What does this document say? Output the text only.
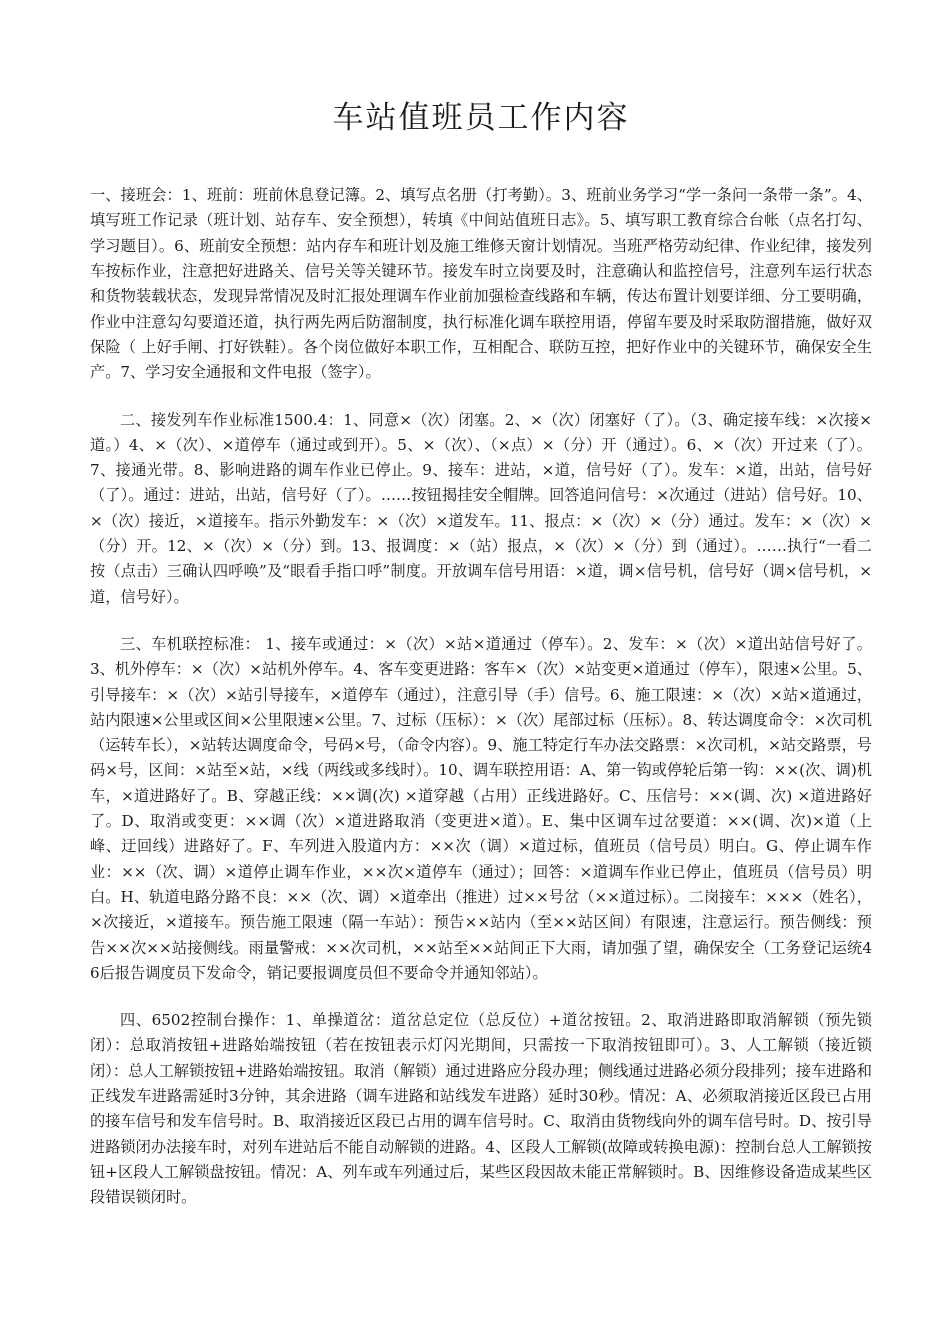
车站值班员工作内容

一、接班会：1、班前：班前休息登记簿。2、填写点名册（打考勤）。3、班前业务学习“学一条问一条带一条”。4、填写班工作记录（班计划、站存车、安全预想），转填《中间站值班日志》。5、填写职工教育综合台帐（点名打勾、学习题目）。6、班前安全预想：站内存车和班计划及施工维修天窗计划情况。当班严格劳动纪律、作业纪律，接发列车按标作业，注意把好进路关、信号关等关键环节。接发车时立岗要及时，注意确认和监控信号，注意列车运行状态和货物装载状态，发现异常情况及时汇报处理调车作业前加强检查线路和车辆，传达布置计划要详细、分工要明确，作业中注意勾勾要道还道，执行两先两后防溜制度，执行标准化调车联控用语，停留车要及时采取防溜措施，做好双保险（ 上好手闸、打好铁鞋）。各个岗位做好本职工作，互相配合、联防互控，把好作业中的关键环节，确保安全生产。7、学习安全通报和文件电报（签字）。

二、接发列车作业标准1500.4：1、同意×（次）闭塞。2、×（次）闭塞好（了）。（3、确定接车线：×次接×道。）4、×（次）、×道停车（通过或到开）。5、×（次）、（×点）×（分）开（通过）。6、×（次）开过来（了）。7、接通光带。8、影响进路的调车作业已停止。9、接车：进站，×道，信号好（了）。发车：×道，出站，信号好（了）。通过：进站，出站，信号好（了）。……按钮揭挂安全帽牌。回答追问信号：×次通过（进站）信号好。10、×（次）接近，×道接车。指示外勤发车：×（次）×道发车。11、报点：×（次）×（分）通过。发车：×（次）×（分）开。12、×（次）×（分）到。13、报调度：×（站）报点，×（次）×（分）到（通过）。……执行“一看二按（点击）三确认四呼唤”及“眼看手指口呼”制度。开放调车信号用语：×道，调×信号机，信号好（调×信号机，×道，信号好）。

三、车机联控标准： 1、接车或通过：×（次）×站×道通过（停车）。2、发车：×（次）×道出站信号好了。3、机外停车：×（次）×站机外停车。4、客车变更进路：客车×（次）×站变更×道通过（停车），限速×公里。5、引导接车：×（次）×站引导接车，×道停车（通过），注意引导（手）信号。6、施工限速：×（次）×站×道通过，站内限速×公里或区间×公里限速×公里。7、过标（压标）：×（次）尾部过标（压标）。8、转达调度命令：×次司机（运转车长），×站转达调度命令，号码×号，（命令内容）。9、施工特定行车办法交路票：×次司机，×站交路票，号码×号，区间：×站至×站，×线（两线或多线时）。10、调车联控用语：A、第一钩或停轮后第一钩：××(次、调)机车，×道进路好了。B、穿越正线：××调(次) ×道穿越（占用）正线进路好。C、压信号：××(调、次) ×道进路好了。D、取消或变更：××调（次）×道进路取消（变更进×道）。E、集中区调车过岔要道：××(调、次)×道（上峰、迂回线）进路好了。F、车列进入股道内方：××次（调）×道过标，值班员（信号员）明白。G、停止调车作业：××（次、调）×道停止调车作业，××次×道停车（通过）；回答：×道调车作业已停止，值班员（信号员）明白。H、轨道电路分路不良：××（次、调）×道牵出（推进）过××号岔（××道过标）。二岗接车：×××（姓名），×次接近，×道接车。预告施工限速（隔一车站）：预告××站内（至××站区间）有限速，注意运行。预告侧线：预告××次××站接侧线。雨量警戒：××次司机，××站至××站间正下大雨，请加强了望，确保安全（工务登记运统46后报告调度员下发命令，销记要报调度员但不要命令并通知邻站）。

四、6502控制台操作：1、单操道岔：道岔总定位（总反位）+道岔按钮。2、取消进路即取消解锁（预先锁闭）：总取消按钮+进路始端按钮（若在按钮表示灯闪光期间，只需按一下取消按钮即可）。3、人工解锁（接近锁闭）：总人工解锁按钮+进路始端按钮。取消（解锁）通过进路应分段办理；侧线通过进路必须分段排列；接车进路和正线发车进路需延时3分钟，其余进路（调车进路和站线发车进路）延时30秒。情况：A、必须取消接近区段已占用的接车信号和发车信号时。B、取消接近区段已占用的调车信号时。C、取消由货物线向外的调车信号时。D、按引导进路锁闭办法接车时，对列车进站后不能自动解锁的进路。4、区段人工解锁(故障或转换电源)：控制台总人工解锁按钮+区段人工解锁盘按钮。情况：A、列车或车列通过后，某些区段因故未能正常解锁时。B、因维修设备造成某些区段错误锁闭时。
